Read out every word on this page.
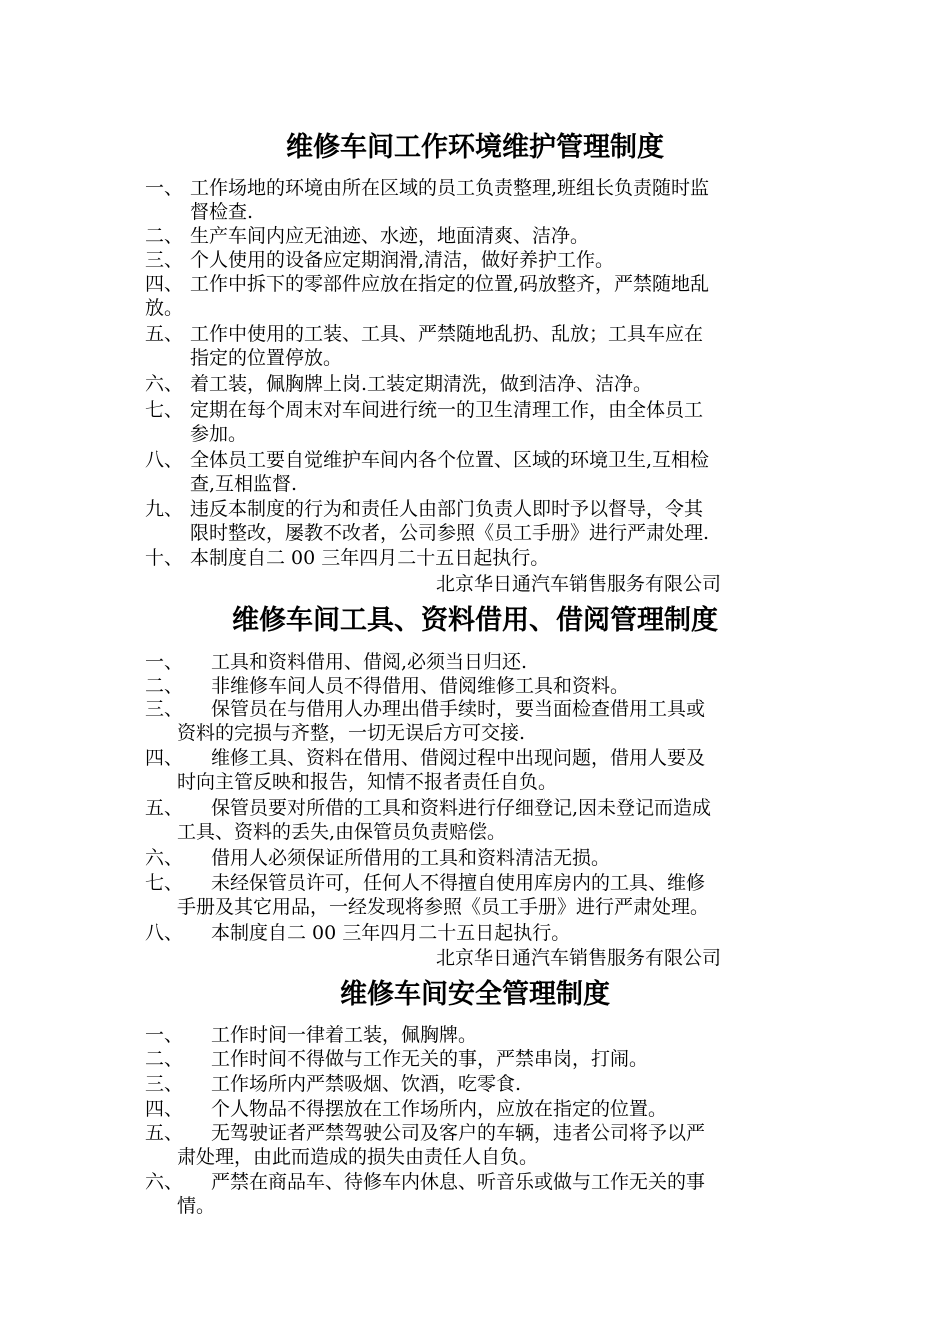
维修车间工作环境维护管理制度
一、 工作场地的环境由所在区域的员工负责整理,班组长负责随时监
督检查.
二、 生产车间内应无油迹、水迹，地面清爽、洁净。
三、 个人使用的设备应定期润滑,清洁，做好养护工作。
四、 工作中拆下的零部件应放在指定的位置,码放整齐，严禁随地乱
放。
五、 工作中使用的工装、工具、严禁随地乱扔、乱放；工具车应在
指定的位置停放。
六、 着工装，佩胸牌上岗.工装定期清洗，做到洁净、洁净。
七、 定期在每个周末对车间进行统一的卫生清理工作，由全体员工
参加。
八、 全体员工要自觉维护车间内各个位置、区域的环境卫生,互相检
查,互相监督.
九、 违反本制度的行为和责任人由部门负责人即时予以督导，令其
限时整改，屡教不改者，公司参照《员工手册》进行严肃处理.
十、 本制度自二 00 三年四月二十五日起执行。
北京华日通汽车销售服务有限公司
维修车间工具、资料借用、借阅管理制度
一、 工具和资料借用、借阅,必须当日归还.
二、 非维修车间人员不得借用、借阅维修工具和资料。
三、 保管员在与借用人办理出借手续时，要当面检查借用工具或
资料的完损与齐整，一切无误后方可交接.
四、 维修工具、资料在借用、借阅过程中出现问题，借用人要及
时向主管反映和报告，知情不报者责任自负。
五、 保管员要对所借的工具和资料进行仔细登记,因未登记而造成
工具、资料的丢失,由保管员负责赔偿。
六、 借用人必须保证所借用的工具和资料清洁无损。
七、 未经保管员许可，任何人不得擅自使用库房内的工具、维修
手册及其它用品，一经发现将参照《员工手册》进行严肃处理。
八、 本制度自二 00 三年四月二十五日起执行。
北京华日通汽车销售服务有限公司
维修车间安全管理制度
一、 工作时间一律着工装，佩胸牌。
二、 工作时间不得做与工作无关的事，严禁串岗，打闹。
三、 工作场所内严禁吸烟、饮酒，吃零食.
四、 个人物品不得摆放在工作场所内，应放在指定的位置。
五、 无驾驶证者严禁驾驶公司及客户的车辆，违者公司将予以严
肃处理，由此而造成的损失由责任人自负。
六、 严禁在商品车、待修车内休息、听音乐或做与工作无关的事
情。
